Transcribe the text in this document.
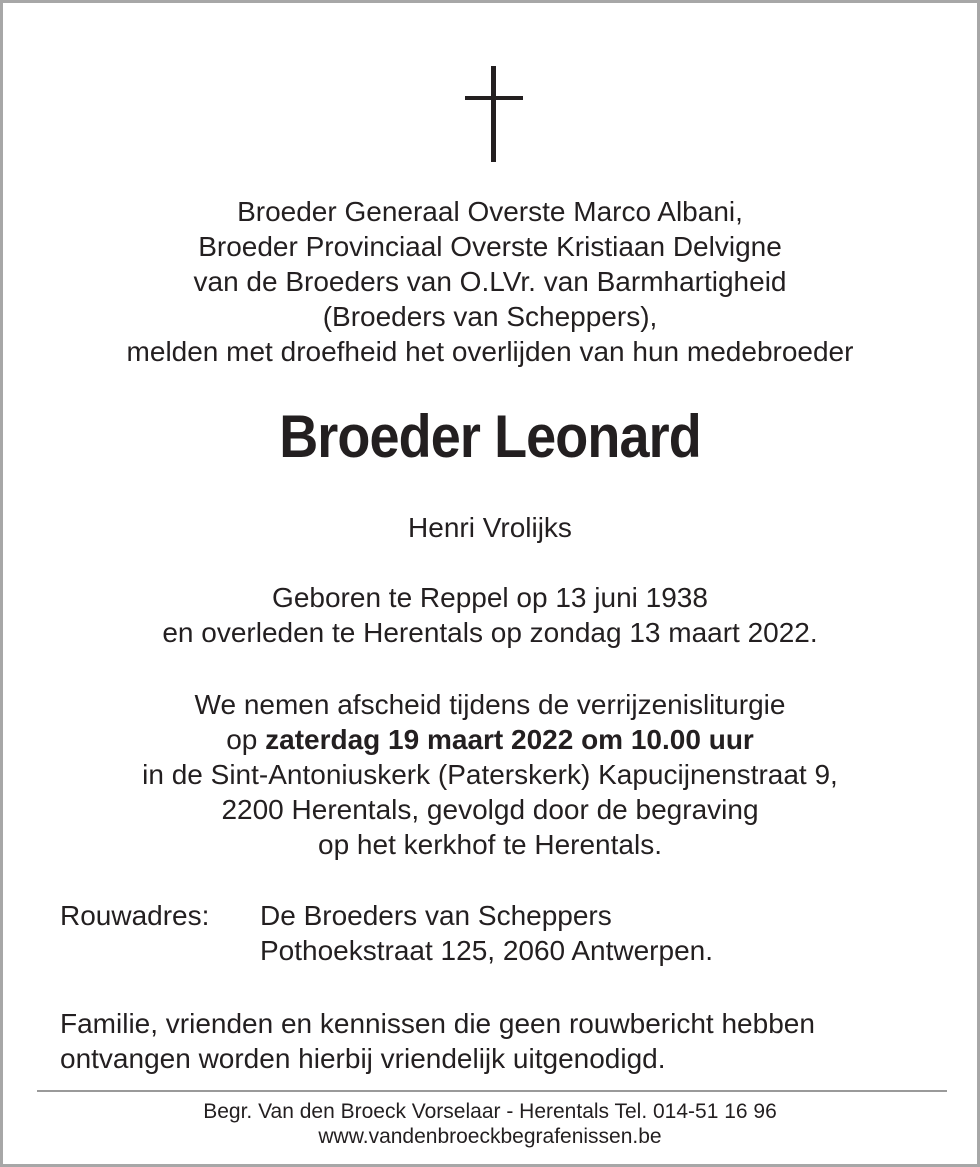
Broeder Generaal Overste Marco Albani,
Broeder Provinciaal Overste Kristiaan Delvigne
van de Broeders van O.LVr. van Barmhartigheid
(Broeders van Scheppers),
melden met droefheid het overlijden van hun medebroeder
Broeder Leonard
Henri Vrolijks
Geboren te Reppel op 13 juni 1938
en overleden te Herentals op zondag 13 maart 2022.
We nemen afscheid tijdens de verrijzenisliturgie
op zaterdag 19 maart 2022 om 10.00 uur
in de Sint-Antoniuskerk (Paterskerk) Kapucijnenstraat 9,
2200 Herentals, gevolgd door de begraving
op het kerkhof te Herentals.
Rouwadres: De Broeders van Scheppers
Pothoekstraat 125, 2060 Antwerpen.
Familie, vrienden en kennissen die geen rouwbericht hebben
ontvangen worden hierbij vriendelijk uitgenodigd.
Begr. Van den Broeck Vorselaar - Herentals Tel. 014-51 16 96
www.vandenbroeckbegrafenissen.be
